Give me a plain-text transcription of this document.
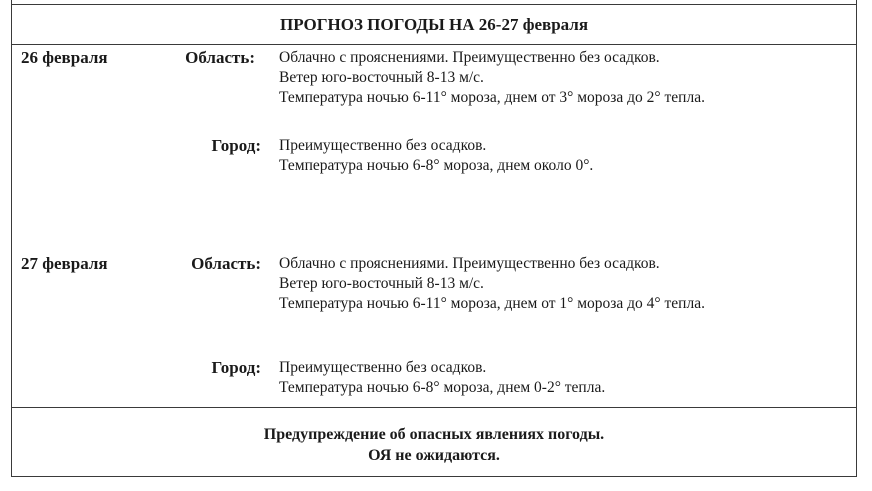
ПРОГНОЗ ПОГОДЫ НА 26-27 февраля
26 февраля	Область: Облачно с прояснениями. Преимущественно без осадков.
Ветер юго-восточный 8-13 м/с.
Температура ночью 6-11° мороза, днем от 3° мороза до 2° тепла.
Город: Преимущественно без осадков.
Температура ночью 6-8° мороза, днем около 0°.
27 февраля	Область: Облачно с прояснениями. Преимущественно без осадков.
Ветер юго-восточный 8-13 м/с.
Температура ночью 6-11° мороза, днем от 1° мороза до 4° тепла.
Город: Преимущественно без осадков.
Температура ночью 6-8° мороза, днем 0-2° тепла.
Предупреждение об опасных явлениях погоды.
ОЯ не ожидаются.
